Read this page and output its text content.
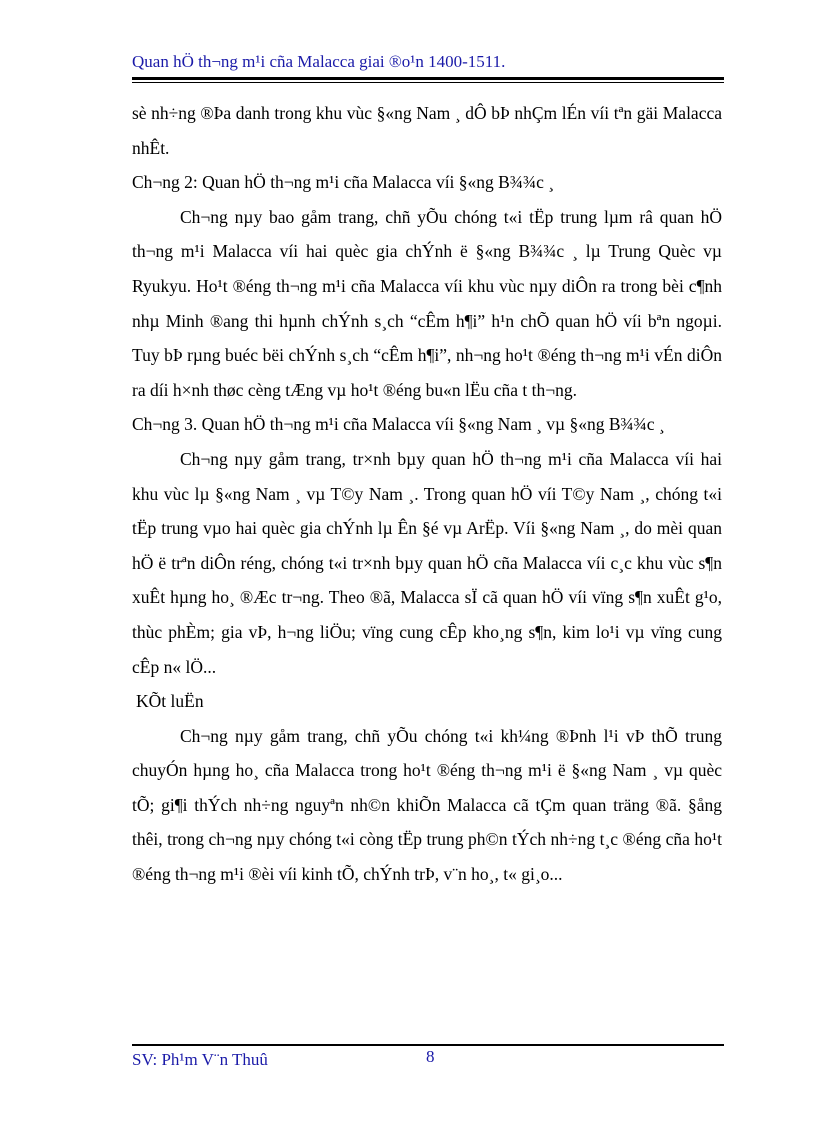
Quan hÖ th¬ng m¹i cña Malacca giai ®o¹n 1400-1511.

sè nh÷ng ®Þa danh trong khu vùc §«ng Nam ¸ dÔ bÞ nhÇm lÉn víi tªn gäi Malacca nhÊt.

Ch¬ng 2: Quan hÖ th¬ng m¹i cña Malacca víi §«ng B¾¾c ¸

Ch¬ng nµy bao gåm trang, chñ yÕu chóng t«i tËp trung lµm râ quan hÖ th¬ng m¹i Malacca víi hai quèc gia chÝnh ë §«ng B¾¾c ¸ lµ Trung Quèc vµ Ryukyu. Ho¹t ®éng th¬ng m¹i cña Malacca víi khu vùc nµy diÔn ra trong bèi c¶nh nhµ Minh ®ang thi hµnh chÝnh s¸ch “cÊm h¶i” h¹n chÕ quan hÖ víi bªn ngoµi. Tuy bÞ rµng buéc bëi chÝnh s¸ch “cÊm h¶i”, nh¬ng ho¹t ®éng th¬ng m¹i vÉn diÔn ra díi h×nh thøc cèng tÆng vµ ho¹t ®éng bu«n lËu cña t th¬ng.

Ch¬ng 3. Quan hÖ th¬ng m¹i cña Malacca víi §«ng Nam ¸ vµ §«ng B¾¾c ¸

Ch¬ng nµy gåm trang, tr×nh bµy quan hÖ th¬ng m¹i cña Malacca víi hai khu vùc lµ §«ng Nam ¸ vµ T©y Nam ¸. Trong quan hÖ víi T©y Nam ¸, chóng t«i tËp trung vµo hai quèc gia chÝnh lµ Ên §é vµ ArËp. Víi §«ng Nam ¸, do mèi quan hÖ ë trªn diÔn réng, chóng t«i tr×nh bµy quan hÖ cña Malacca víi c¸c khu vùc s¶n xuÊt hµng ho¸ ®Æc tr¬ng. Theo ®ã, Malacca sÏ cã quan hÖ víi vïng s¶n xuÊt g¹o, thùc phÈm; gia vÞ, h¬ng liÖu; vïng cung cÊp kho¸ng s¶n, kim lo¹i vµ vïng cung cÊp n« lÖ...

KÕt luËn

Ch¬ng nµy gåm trang, chñ yÕu chóng t«i kh¼ng ®Þnh l¹i vÞ thÕ trung chuyÓn hµng ho¸ cña Malacca trong ho¹t ®éng th¬ng m¹i ë §«ng Nam ¸ vµ quèc tÕ; gi¶i thÝch nh÷ng nguyªn nh©n khiÕn Malacca cã tÇm quan träng ®ã. §ång thêi, trong ch¬ng nµy chóng t«i còng tËp trung ph©n tÝch nh÷ng t¸c ®éng cña ho¹t ®éng th¬ng m¹i ®èi víi kinh tÕ, chÝnh trÞ, v¨n ho¸, t« gi¸o...

SV: Ph¹m V¨n Thuû	8
